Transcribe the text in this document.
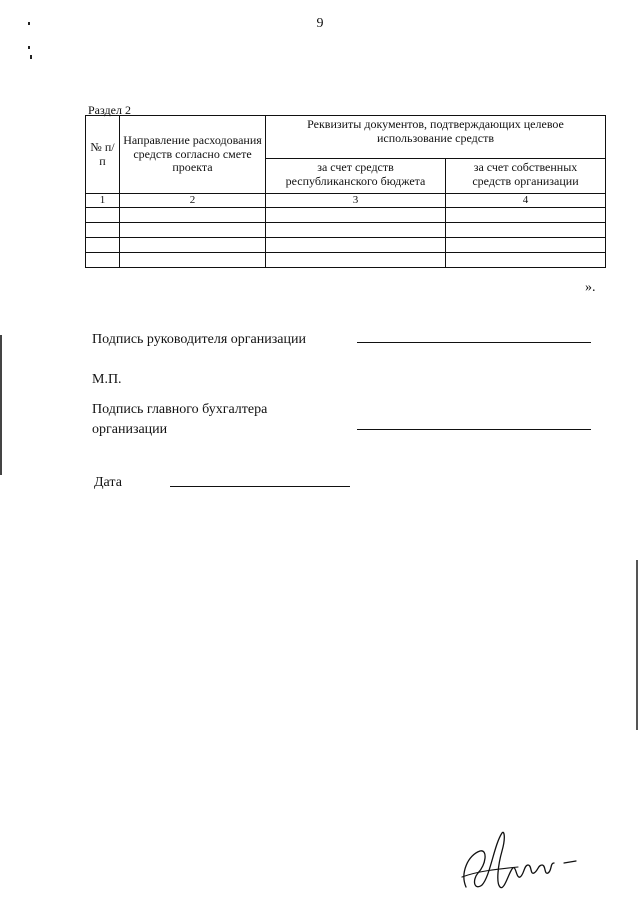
9
Раздел 2
№ п/п	Направление расходования средств согласно смете проекта	Реквизиты документов, подтверждающих целевое использование средств	
		за счет средств республиканского бюджета	за счет собственных средств организации
1	2	3	4

».
Подпись руководителя организации
М.П.
Подпись главного бухгалтера
организации
Дата
